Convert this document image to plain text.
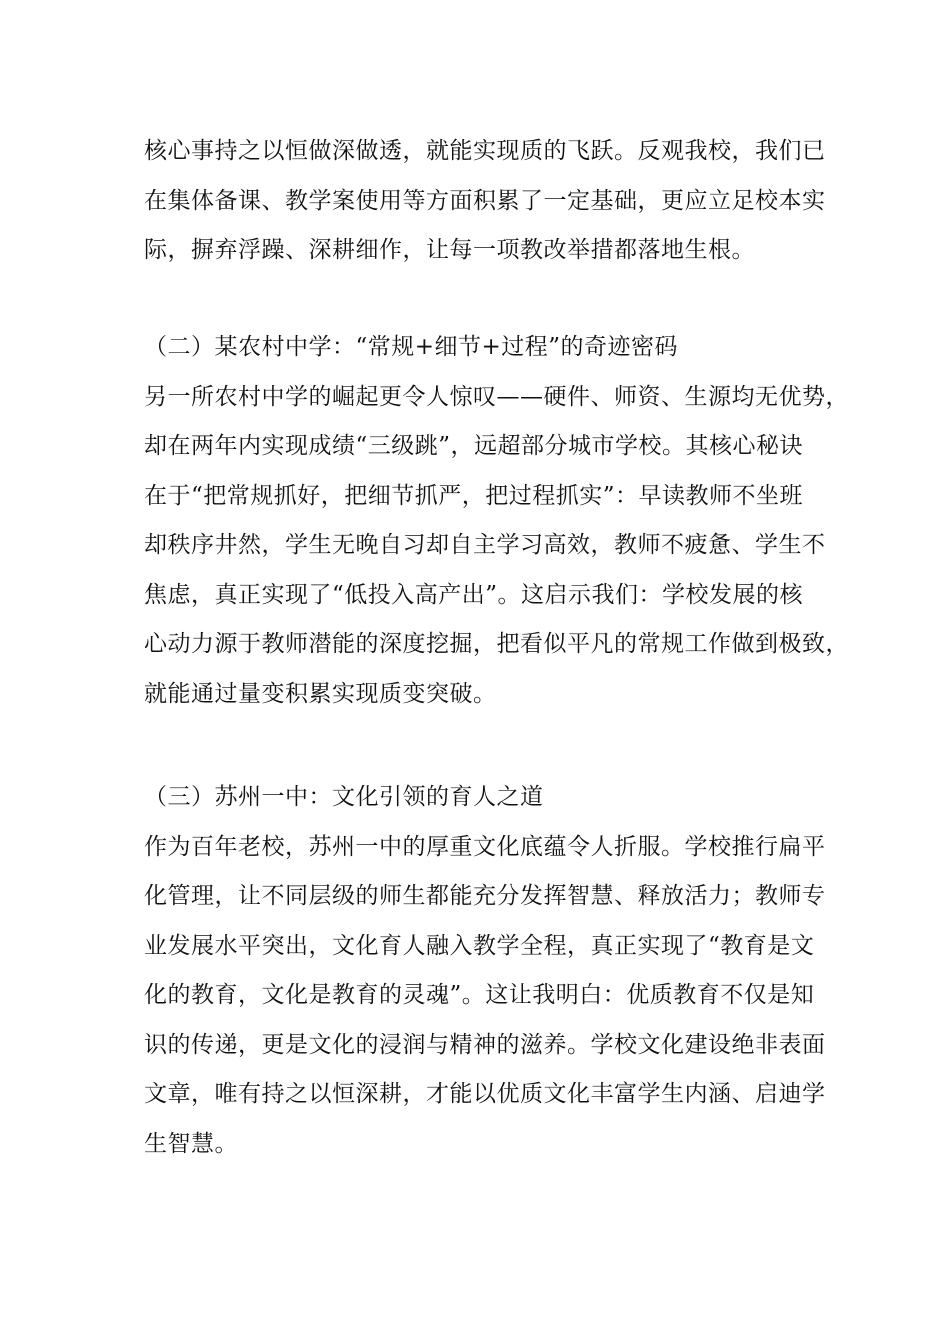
核心事持之以恒做深做透，就能实现质的飞跃。反观我校，我们已
在集体备课、教学案使用等方面积累了一定基础，更应立足校本实
际，摒弃浮躁、深耕细作，让每一项教改举措都落地生根。
（二）某农村中学：“常规+细节+过程”的奇迹密码
另一所农村中学的崛起更令人惊叹——硬件、师资、生源均无优势，
却在两年内实现成绩“三级跳”，远超部分城市学校。其核心秘诀
在于“把常规抓好，把细节抓严，把过程抓实”：早读教师不坐班
却秩序井然，学生无晚自习却自主学习高效，教师不疲惫、学生不
焦虑，真正实现了“低投入高产出”。这启示我们：学校发展的核
心动力源于教师潜能的深度挖掘，把看似平凡的常规工作做到极致，
就能通过量变积累实现质变突破。
（三）苏州一中：文化引领的育人之道
作为百年老校，苏州一中的厚重文化底蕴令人折服。学校推行扁平
化管理，让不同层级的师生都能充分发挥智慧、释放活力；教师专
业发展水平突出，文化育人融入教学全程，真正实现了“教育是文
化的教育，文化是教育的灵魂”。这让我明白：优质教育不仅是知
识的传递，更是文化的浸润与精神的滋养。学校文化建设绝非表面
文章，唯有持之以恒深耕，才能以优质文化丰富学生内涵、启迪学
生智慧。
